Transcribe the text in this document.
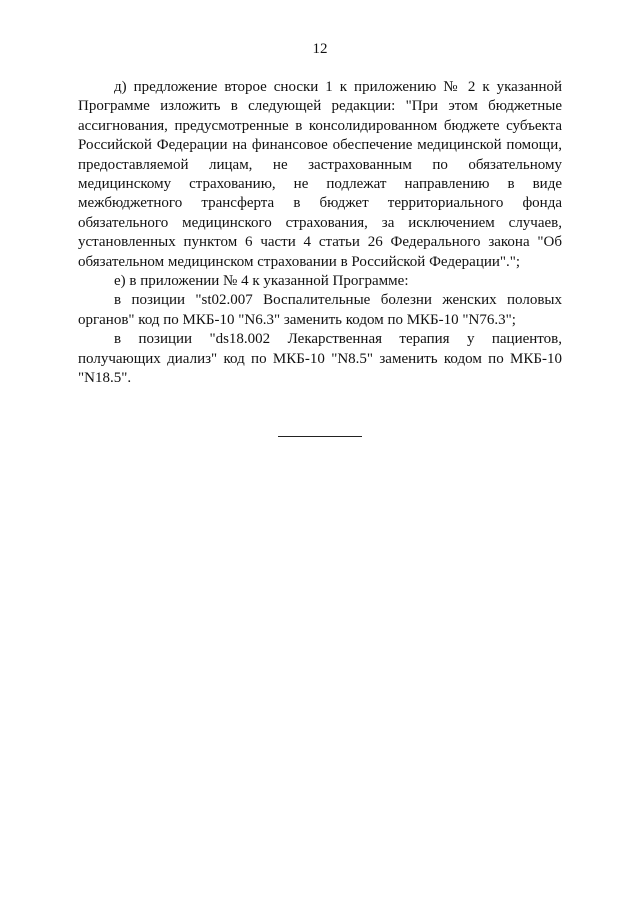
12

д) предложение второе сноски 1 к приложению № 2 к указанной Программе изложить в следующей редакции: "При этом бюджетные ассигнования, предусмотренные в консолидированном бюджете субъекта Российской Федерации на финансовое обеспечение медицинской помощи, предоставляемой лицам, не застрахованным по обязательному медицинскому страхованию, не подлежат направлению в виде межбюджетного трансферта в бюджет территориального фонда обязательного медицинского страхования, за исключением случаев, установленных пунктом 6 части 4 статьи 26 Федерального закона "Об обязательном медицинском страховании в Российской Федерации".";

е) в приложении № 4 к указанной Программе:

в позиции "st02.007 Воспалительные болезни женских половых органов" код по МКБ-10 "N6.3" заменить кодом по МКБ-10 "N76.3";

в позиции "ds18.002 Лекарственная терапия у пациентов, получающих диализ" код по МКБ-10 "N8.5" заменить кодом по МКБ-10 "N18.5".
